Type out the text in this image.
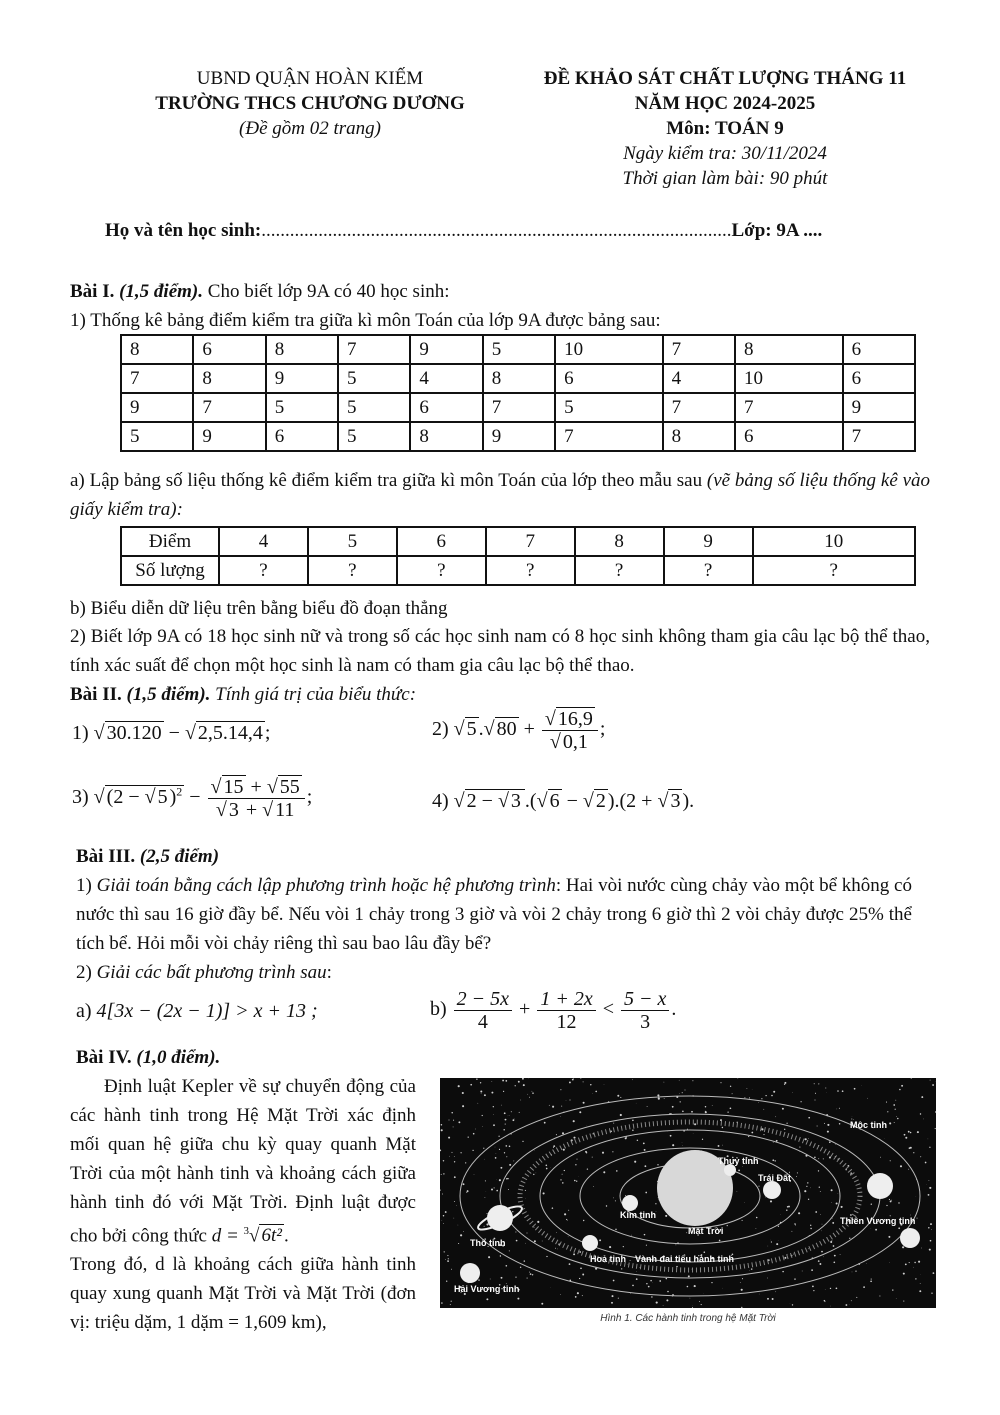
UBND QUẬN HOÀN KIẾM
TRƯỜNG THCS CHƯƠNG DƯƠNG
(Đề gồm 02 trang)
ĐỀ KHẢO SÁT CHẤT LƯỢNG THÁNG 11
NĂM HỌC 2024-2025
Môn: TOÁN 9
Ngày kiểm tra: 30/11/2024
Thời gian làm bài: 90 phút
Họ và tên học sinh:...................................................................................................Lớp: 9A ....
Bài I. (1,5 điểm). Cho biết lớp 9A có 40 học sinh:
1) Thống kê bảng điểm kiểm tra giữa kì môn Toán của lớp 9A được bảng sau:
8	6	8	7	9	5	10	7	8	6
7	8	9	5	4	8	6	4	10	6
9	7	5	5	6	7	5	7	7	9
5	9	6	5	8	9	7	8	6	7
a) Lập bảng số liệu thống kê điểm kiểm tra giữa kì môn Toán của lớp theo mẫu sau (vẽ bảng số liệu thống kê vào giấy kiểm tra):
Điểm	4	5	6	7	8	9	10
Số lượng	?	?	?	?	?	?	?
b) Biểu diễn dữ liệu trên bằng biểu đồ đoạn thẳng
2) Biết lớp 9A có 18 học sinh nữ và trong số các học sinh nam có 8 học sinh không tham gia câu lạc bộ thể thao, tính xác suất để chọn một học sinh là nam có tham gia câu lạc bộ thể thao.
Bài II. (1,5 điểm). Tính giá trị của biểu thức:
1) √ 30.120 − √ 2,5.14,4 ;	2) √ 5 .√ $80 + \frac{√ 16,9}{√ 0,1}$ ;
3) √ (2 − √ 5 )$^2 - \frac{√ 15 + √ 55}{√ 3 + √ 11}$ ;	4) √ 2 − √ 3 .(√ 6 − √ 2 ).(2 + √ 3 ).
Bài III. (2,5 điểm)
1) Giải toán bằng cách lập phương trình hoặc hệ phương trình: Hai vòi nước cùng chảy vào một bể không có nước thì sau 16 giờ đầy bể. Nếu vòi 1 chảy trong 3 giờ và vòi 2 chảy trong 6 giờ thì 2 vòi chảy được 25% thể tích bể. Hỏi mỗi vòi chảy riêng thì sau bao lâu đầy bể?
2) Giải các bất phương trình sau:
a) 4[3x − (2x − 1)] > x + 13 ;	$b) \frac{2 - 5x}{4} + \frac{1 + 2x}{12} < \frac{5 - x}{3}$ .
Bài IV. (1,0 điểm).
Định luật Kepler về sự chuyển động của các hành tinh trong Hệ Mặt Trời xác định mối quan hệ giữa chu kỳ quay quanh Mặt Trời của một hành tinh và khoảng cách giữa hành tinh đó với Mặt Trời. Định luật được cho bởi công thức d = $^3$√ 6t² .
Trong đó, d là khoảng cách giữa hành tinh quay xung quanh Mặt Trời và Mặt Trời (đơn vị: triệu dặm, 1 dặm = 1,609 km),
Mộc tinh
Thuỷ tinh
Trái Đất
Kim tinh
Mặt Trời
Thổ tinh
Hoả tinh Vành đai tiểu hành tinh
Thiên Vương tinh
Hải Vương tinh
Hình 1. Các hành tinh trong hệ Mặt Trời
